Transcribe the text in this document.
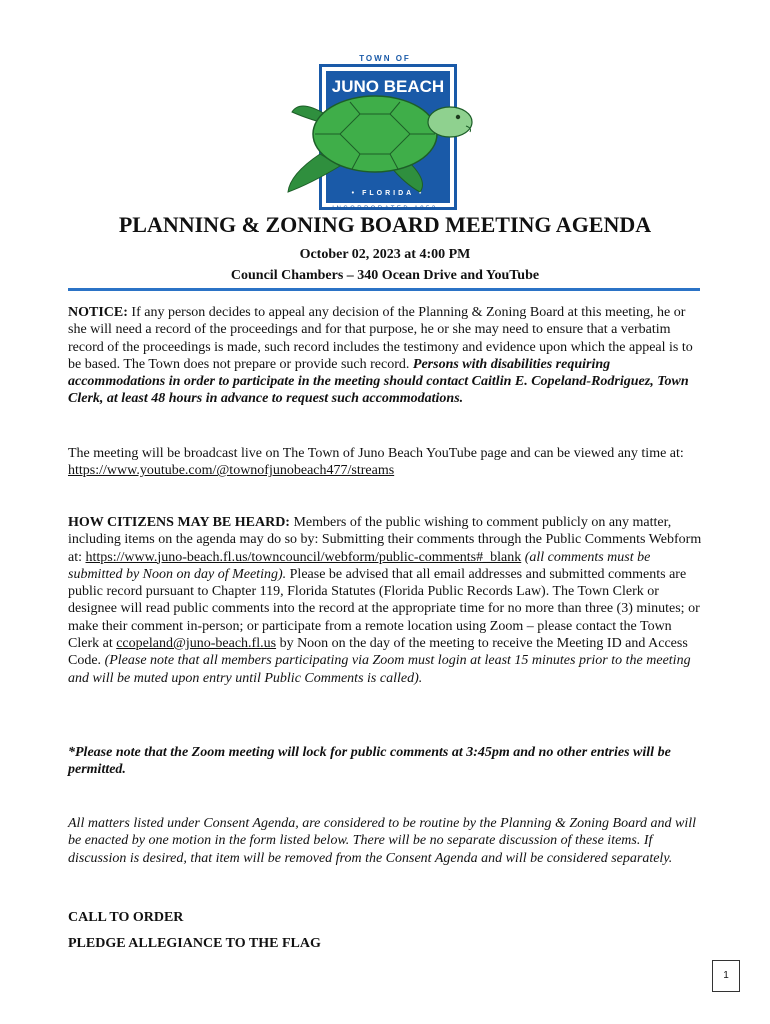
TOWN OF
JUNO BEACH
• FLORIDA •
INCORPORATED 1953
PLANNING & ZONING BOARD MEETING AGENDA
October 02, 2023 at 4:00 PM
Council Chambers – 340 Ocean Drive and YouTube

NOTICE: If any person decides to appeal any decision of the Planning & Zoning Board at this meeting, he or she will need a record of the proceedings and for that purpose, he or she may need to ensure that a verbatim record of the proceedings is made, such record includes the testimony and evidence upon which the appeal is to be based. The Town does not prepare or provide such record. Persons with disabilities requiring accommodations in order to participate in the meeting should contact Caitlin E. Copeland-Rodriguez, Town Clerk, at least 48 hours in advance to request such accommodations.

The meeting will be broadcast live on The Town of Juno Beach YouTube page and can be viewed any time at: https://www.youtube.com/@townofjunobeach477/streams

HOW CITIZENS MAY BE HEARD: Members of the public wishing to comment publicly on any matter, including items on the agenda may do so by: Submitting their comments through the Public Comments Webform at: https://www.juno-beach.fl.us/towncouncil/webform/public-comments#_blank (all comments must be submitted by Noon on day of Meeting). Please be advised that all email addresses and submitted comments are public record pursuant to Chapter 119, Florida Statutes (Florida Public Records Law). The Town Clerk or designee will read public comments into the record at the appropriate time for no more than three (3) minutes; or make their comment in-person; or participate from a remote location using Zoom – please contact the Town Clerk at ccopeland@juno-beach.fl.us by Noon on the day of the meeting to receive the Meeting ID and Access Code. (Please note that all members participating via Zoom must login at least 15 minutes prior to the meeting and will be muted upon entry until Public Comments is called).

*Please note that the Zoom meeting will lock for public comments at 3:45pm and no other entries will be permitted.

All matters listed under Consent Agenda, are considered to be routine by the Planning & Zoning Board and will be enacted by one motion in the form listed below. There will be no separate discussion of these items. If discussion is desired, that item will be removed from the Consent Agenda and will be considered separately.

CALL TO ORDER
PLEDGE ALLEGIANCE TO THE FLAG
1
